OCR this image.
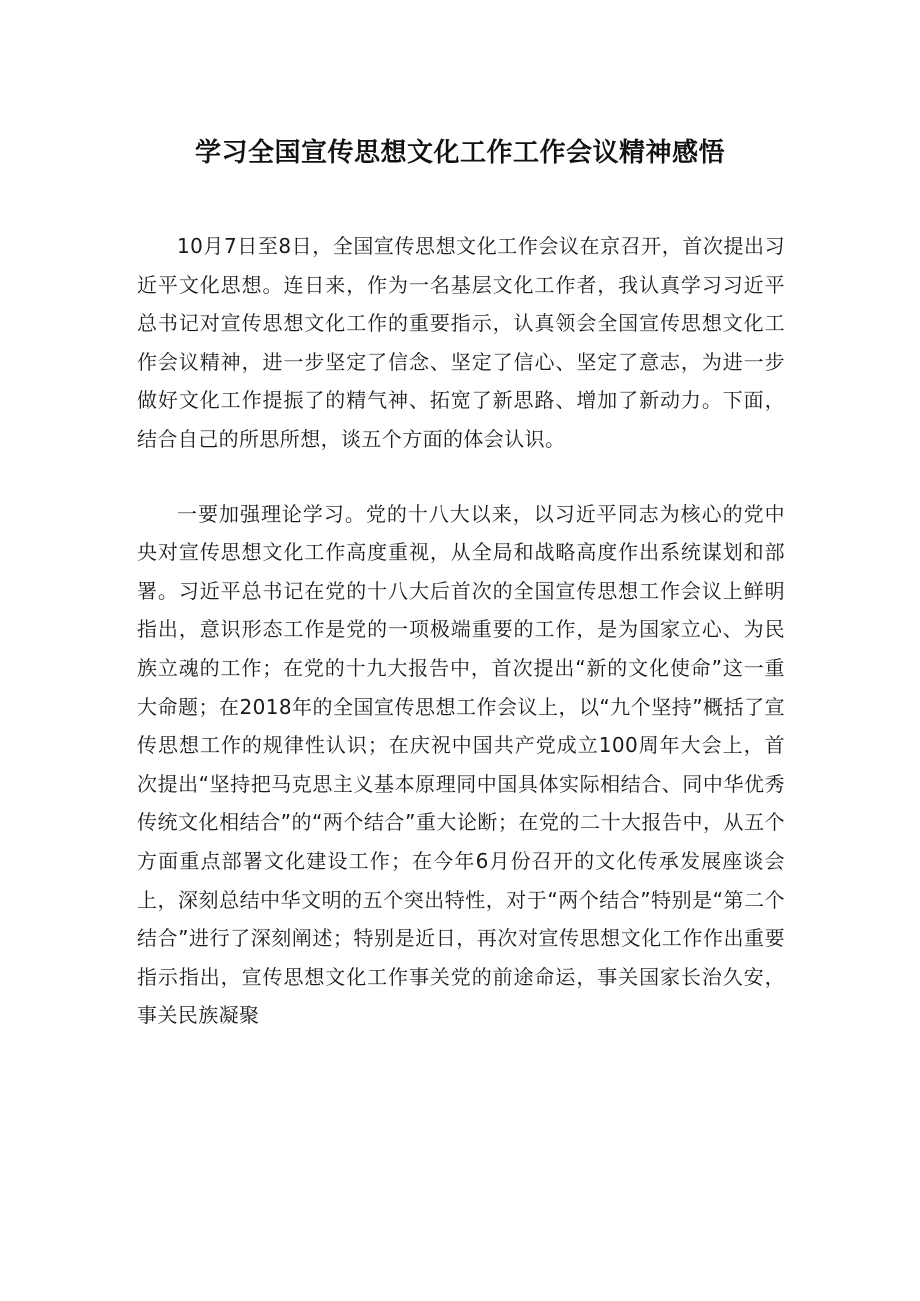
学习全国宣传思想文化工作工作会议精神感悟

10月7日至8日，全国宣传思想文化工作会议在京召开，首次提出习近平文化思想。连日来，作为一名基层文化工作者，我认真学习习近平总书记对宣传思想文化工作的重要指示，认真领会全国宣传思想文化工作会议精神，进一步坚定了信念、坚定了信心、坚定了意志，为进一步做好文化工作提振了的精气神、拓宽了新思路、增加了新动力。下面，结合自己的所思所想，谈五个方面的体会认识。

一要加强理论学习。党的十八大以来，以习近平同志为核心的党中央对宣传思想文化工作高度重视，从全局和战略高度作出系统谋划和部署。习近平总书记在党的十八大后首次的全国宣传思想工作会议上鲜明指出，意识形态工作是党的一项极端重要的工作，是为国家立心、为民族立魂的工作；在党的十九大报告中，首次提出“新的文化使命”这一重大命题；在2018年的全国宣传思想工作会议上，以“九个坚持”概括了宣传思想工作的规律性认识；在庆祝中国共产党成立100周年大会上，首次提出“坚持把马克思主义基本原理同中国具体实际相结合、同中华优秀传统文化相结合”的“两个结合”重大论断；在党的二十大报告中，从五个方面重点部署文化建设工作；在今年6月份召开的文化传承发展座谈会上，深刻总结中华文明的五个突出特性，对于“两个结合”特别是“第二个结合”进行了深刻阐述；特别是近日，再次对宣传思想文化工作作出重要指示指出，宣传思想文化工作事关党的前途命运，事关国家长治久安，事关民族凝聚
